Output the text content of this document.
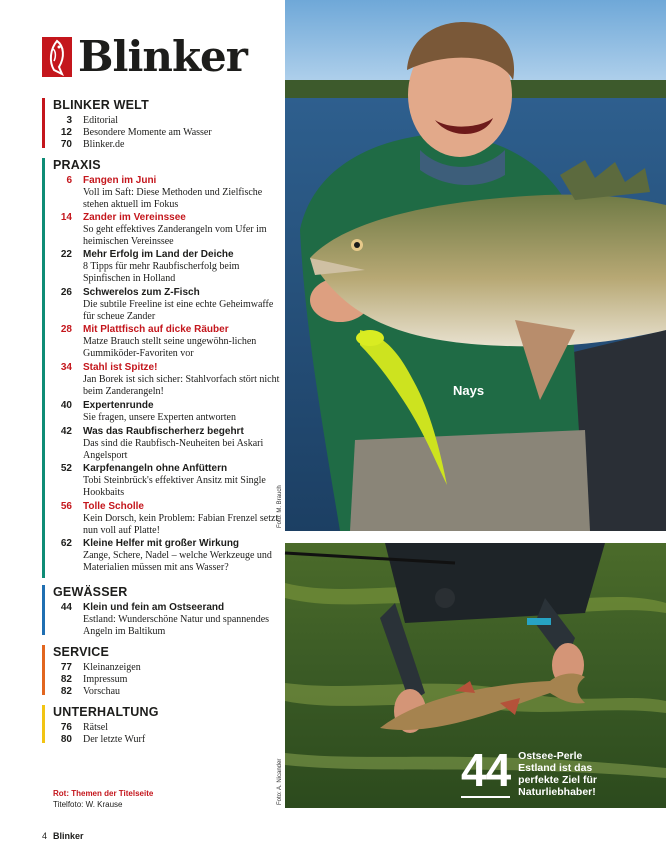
Blinker
BLINKER WELT
3 Editorial
12 Besondere Momente am Wasser
70 Blinker.de
PRAXIS
6 Fangen im Juni
Voll im Saft: Diese Methoden und Zielfische stehen aktuell im Fokus
14 Zander im Vereinssee
So geht effektives Zanderangeln vom Ufer im heimischen Vereinssee
22 Mehr Erfolg im Land der Deiche
8 Tipps für mehr Raubfischerfolg beim Spinfischen in Holland
26 Schwerelos zum Z-Fisch
Die subtile Freeline ist eine echte Geheimwaffe für scheue Zander
28 Mit Plattfisch auf dicke Räuber
Matze Brauch stellt seine ungewöhn-lichen Gummiköder-Favoriten vor
34 Stahl ist Spitze!
Jan Borek ist sich sicher: Stahlvorfach stört nicht beim Zanderangeln!
40 Expertenrunde
Sie fragen, unsere Experten antworten
42 Was das Raubfischerherz begehrt
Das sind die Raubfisch-Neuheiten bei Askari Angelsport
52 Karpfenangeln ohne Anfüttern
Tobi Steinbrück's effektiver Ansitz mit Single Hookbaits
56 Tolle Scholle
Kein Dorsch, kein Problem: Fabian Frenzel setzt nun voll auf Platte!
62 Kleine Helfer mit großer Wirkung
Zange, Schere, Nadel – welche Werkzeuge und Materialien müssen mit ans Wasser?
GEWÄSSER
44 Klein und fein am Ostseerand
Estland: Wunderschöne Natur und spannendes Angeln im Baltikum
SERVICE
77 Kleinanzeigen
82 Impressum
82 Vorschau
UNTERHALTUNG
76 Rätsel
80 Der letzte Wurf
Rot: Themen der Titelseite
Titelfoto: W. Krause
4 Blinker
Nays
Foto: M. Brauch
Foto: A. Nicander	44 Ostsee-Perle
Estland ist das perfekte Ziel für Naturliebhaber!
